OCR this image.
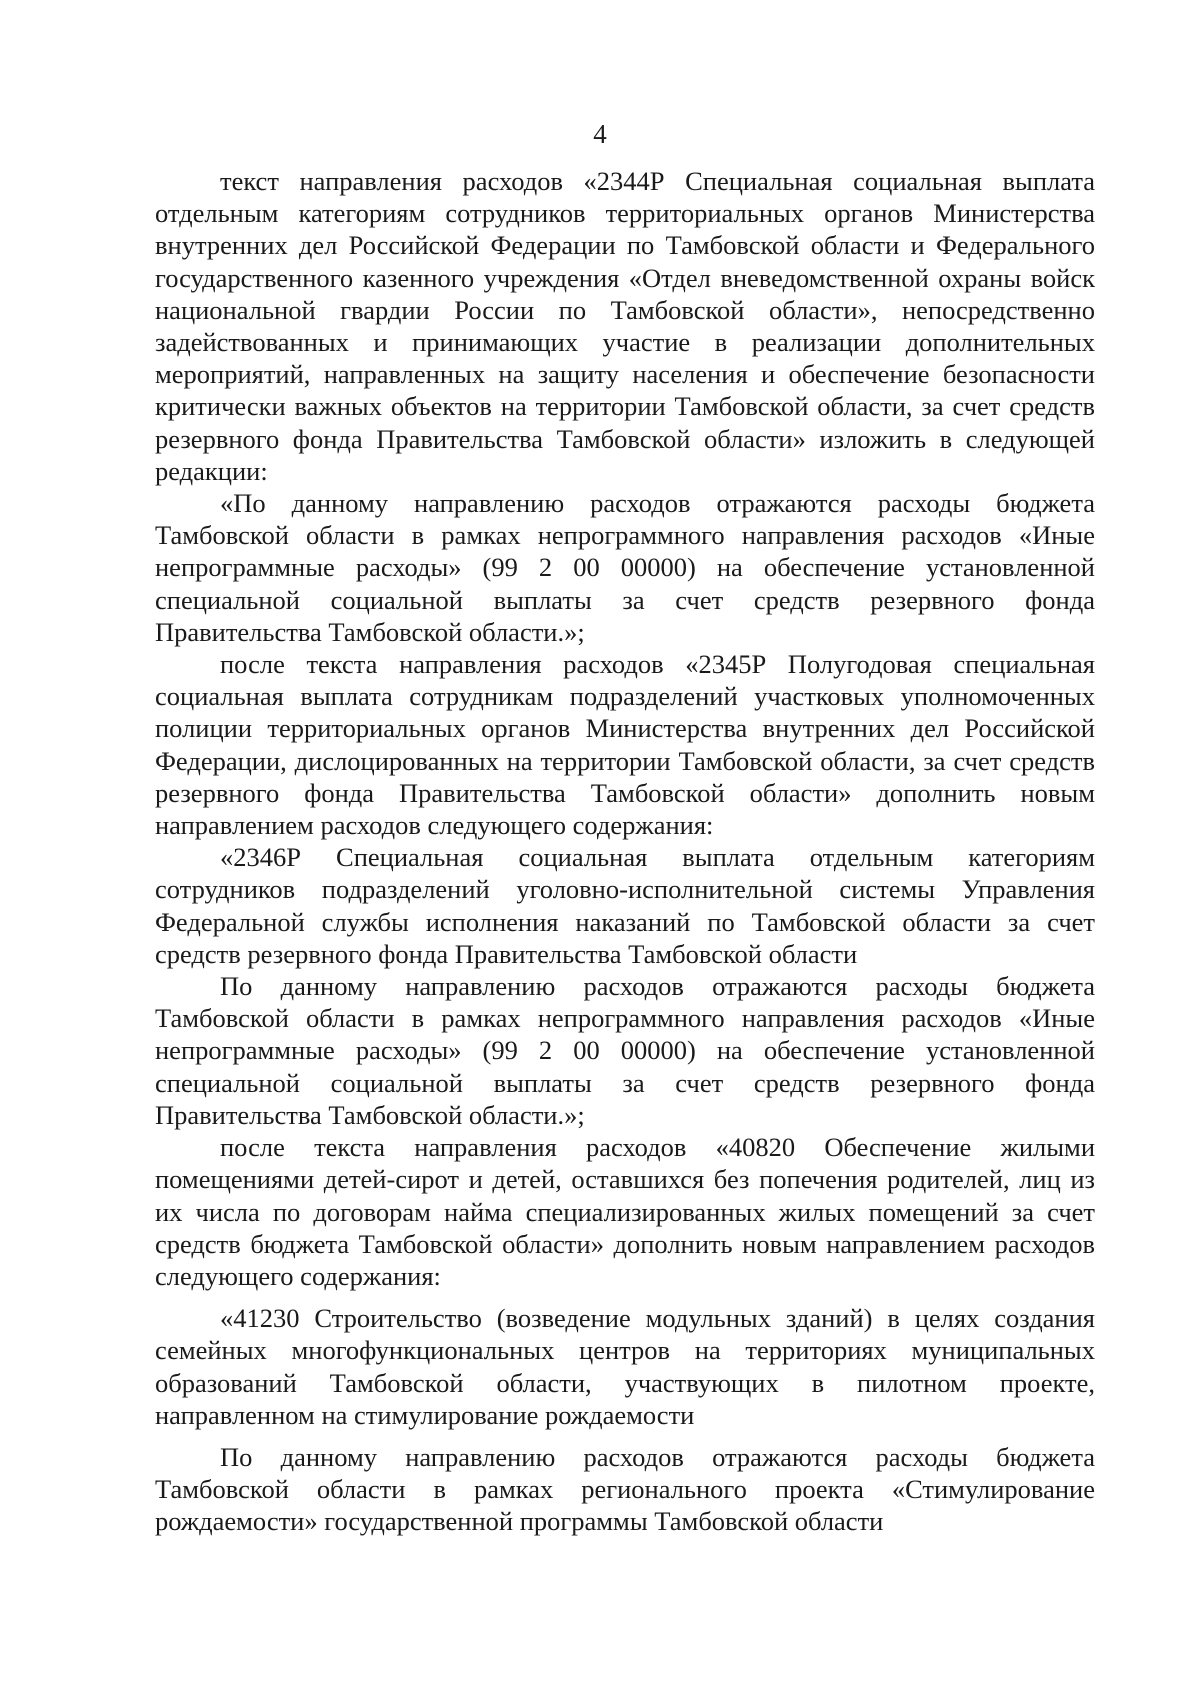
4

текст направления расходов «2344Р Специальная социальная выплата отдельным категориям сотрудников территориальных органов Министерства внутренних дел Российской Федерации по Тамбовской области и Федерального государственного казенного учреждения «Отдел вневедомственной охраны войск национальной гвардии России по Тамбовской области», непосредственно задействованных и принимающих участие в реализации дополнительных мероприятий, направленных на защиту населения и обеспечение безопасности критически важных объектов на территории Тамбовской области, за счет средств резервного фонда Правительства Тамбовской области» изложить в следующей редакции:

«По данному направлению расходов отражаются расходы бюджета Тамбовской области в рамках непрограммного направления расходов «Иные непрограммные расходы» (99 2 00 00000) на обеспечение установленной специальной социальной выплаты за счет средств резервного фонда Правительства Тамбовской области.»;

после текста направления расходов «2345Р Полугодовая специальная социальная выплата сотрудникам подразделений участковых уполномоченных полиции территориальных органов Министерства внутренних дел Российской Федерации, дислоцированных на территории Тамбовской области, за счет средств резервного фонда Правительства Тамбовской области» дополнить новым направлением расходов следующего содержания:

«2346Р Специальная социальная выплата отдельным категориям сотрудников подразделений уголовно-исполнительной системы Управления Федеральной службы исполнения наказаний по Тамбовской области за счет средств резервного фонда Правительства Тамбовской области

По данному направлению расходов отражаются расходы бюджета Тамбовской области в рамках непрограммного направления расходов «Иные непрограммные расходы» (99 2 00 00000) на обеспечение установленной специальной социальной выплаты за счет средств резервного фонда Правительства Тамбовской области.»;

после текста направления расходов «40820 Обеспечение жилыми помещениями детей-сирот и детей, оставшихся без попечения родителей, лиц из их числа по договорам найма специализированных жилых помещений за счет средств бюджета Тамбовской области» дополнить новым направлением расходов следующего содержания:

«41230 Строительство (возведение модульных зданий) в целях создания семейных многофункциональных центров на территориях муниципальных образований Тамбовской области, участвующих в пилотном проекте, направленном на стимулирование рождаемости

По данному направлению расходов отражаются расходы бюджета Тамбовской области в рамках регионального проекта «Стимулирование рождаемости» государственной программы Тамбовской области
